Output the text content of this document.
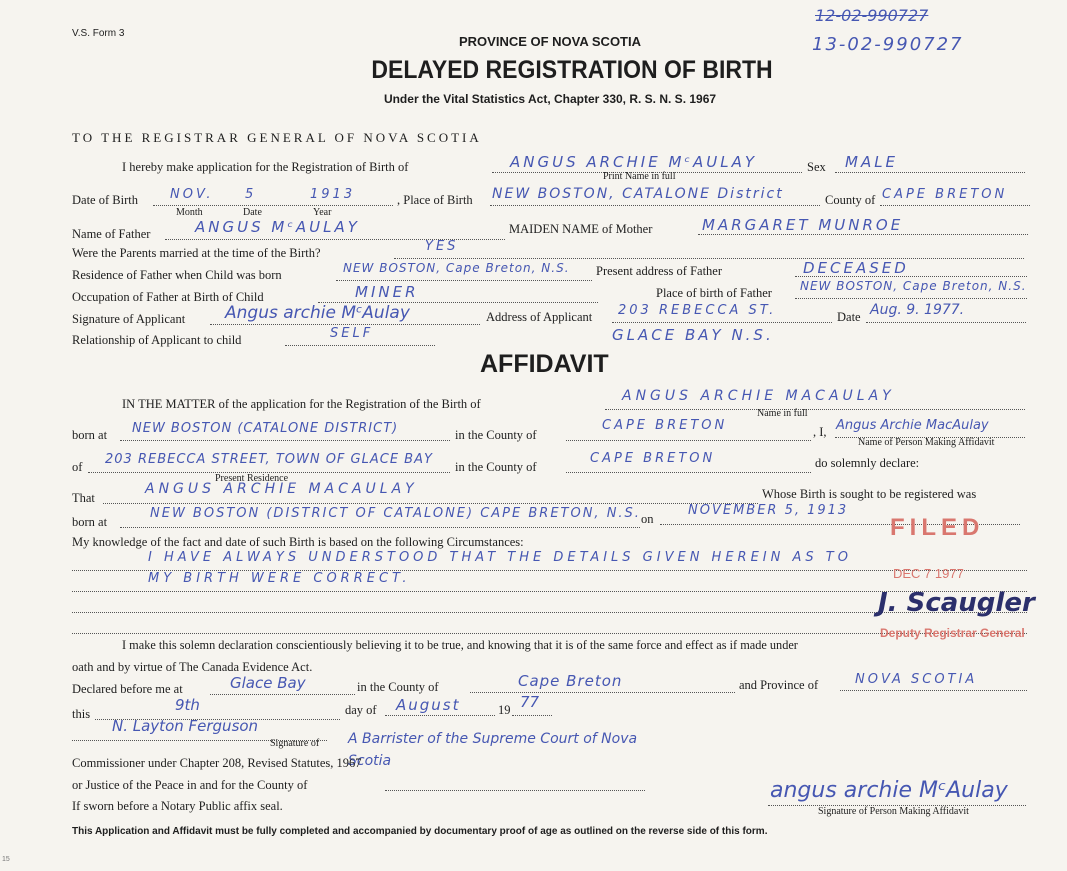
V.S. Form 3
PROVINCE OF NOVA SCOTIA
DELAYED REGISTRATION OF BIRTH
Under the Vital Statistics Act, Chapter 330, R. S. N. S. 1967
12-02-990727
13-02-990727
TO THE REGISTRAR GENERAL OF NOVA SCOTIA
I hereby make application for the Registration of Birth of	ANGUS ARCHIE MᶜAULAY	Sex MALE
Print Name in full
Date of Birth NOV. 5	1913
Month	Date	Year
, Place of Birth NEW BOSTON, CATALONE District	County of CAPE BRETON
Name of Father	ANGUS MᶜAULAY	MAIDEN NAME of Mother	MARGARET MUNROE
Were the Parents married at the time of the Birth?	YES
Residence of Father when Child was born	NEW BOSTON, Cape Breton, N.S. Present address of Father	DECEASED
Occupation of Father at Birth of Child	MINER	Place of birth of Father NEW BOSTON, Cape Breton, N.S.
Signature of Applicant Angus archie MᶜAulay	Address of Applicant 203 REBECCA ST.	Date Aug. 9. 1977.
Relationship of Applicant to child	SELF	GLACE BAY N.S.
AFFIDAVIT
IN THE MATTER of the application for the Registration of the Birth of	ANGUS ARCHIE MACAULAY
Name in full
born at NEW BOSTON (CATALONE DISTRICT)	in the County of
CAPE BRETON	, I, Angus Archie MacAulay
Name of Person Making Affidavit
of 203 REBECCA STREET, TOWN OF GLACE BAY
Present Residence
in the County of
CAPE BRETON	do solemnly declare:
That
ANGUS ARCHIE MACAULAY	Whose Birth is sought to be registered was
born at
NEW BOSTON (DISTRICT OF CATALONE) CAPE BRETON, N.S. on
NOVEMBER 5, 1913
My knowledge of the fact and date of such Birth is based on the following Circumstances:
I HAVE ALWAYS UNDERSTOOD THAT THE DETAILS GIVEN HEREIN AS TO
MY BIRTH WERE CORRECT.
I make this solemn declaration conscientiously believing it to be true, and knowing that it is of the same force and effect as if made under
oath and by virtue of The Canada Evidence Act.
Declared before me at	Glace Bay	in the County of	Cape Breton	and Province of	NOVA SCOTIA
this	9th	day of August	19 77
N. Layton Ferguson
Signature of A Barrister of the Supreme Court of Nova Scotia
Commissioner under Chapter 208, Revised Statutes, 1967
or Justice of the Peace in and for the County of
If sworn before a Notary Public affix seal.
angus archie MᶜAulay
Signature of Person Making Affidavit
FILED
DEC 7 1977
J. Scaugler
Deputy Registrar General
This Application and Affidavit must be fully completed and accompanied by documentary proof of age as outlined on the reverse side of this form.
15
